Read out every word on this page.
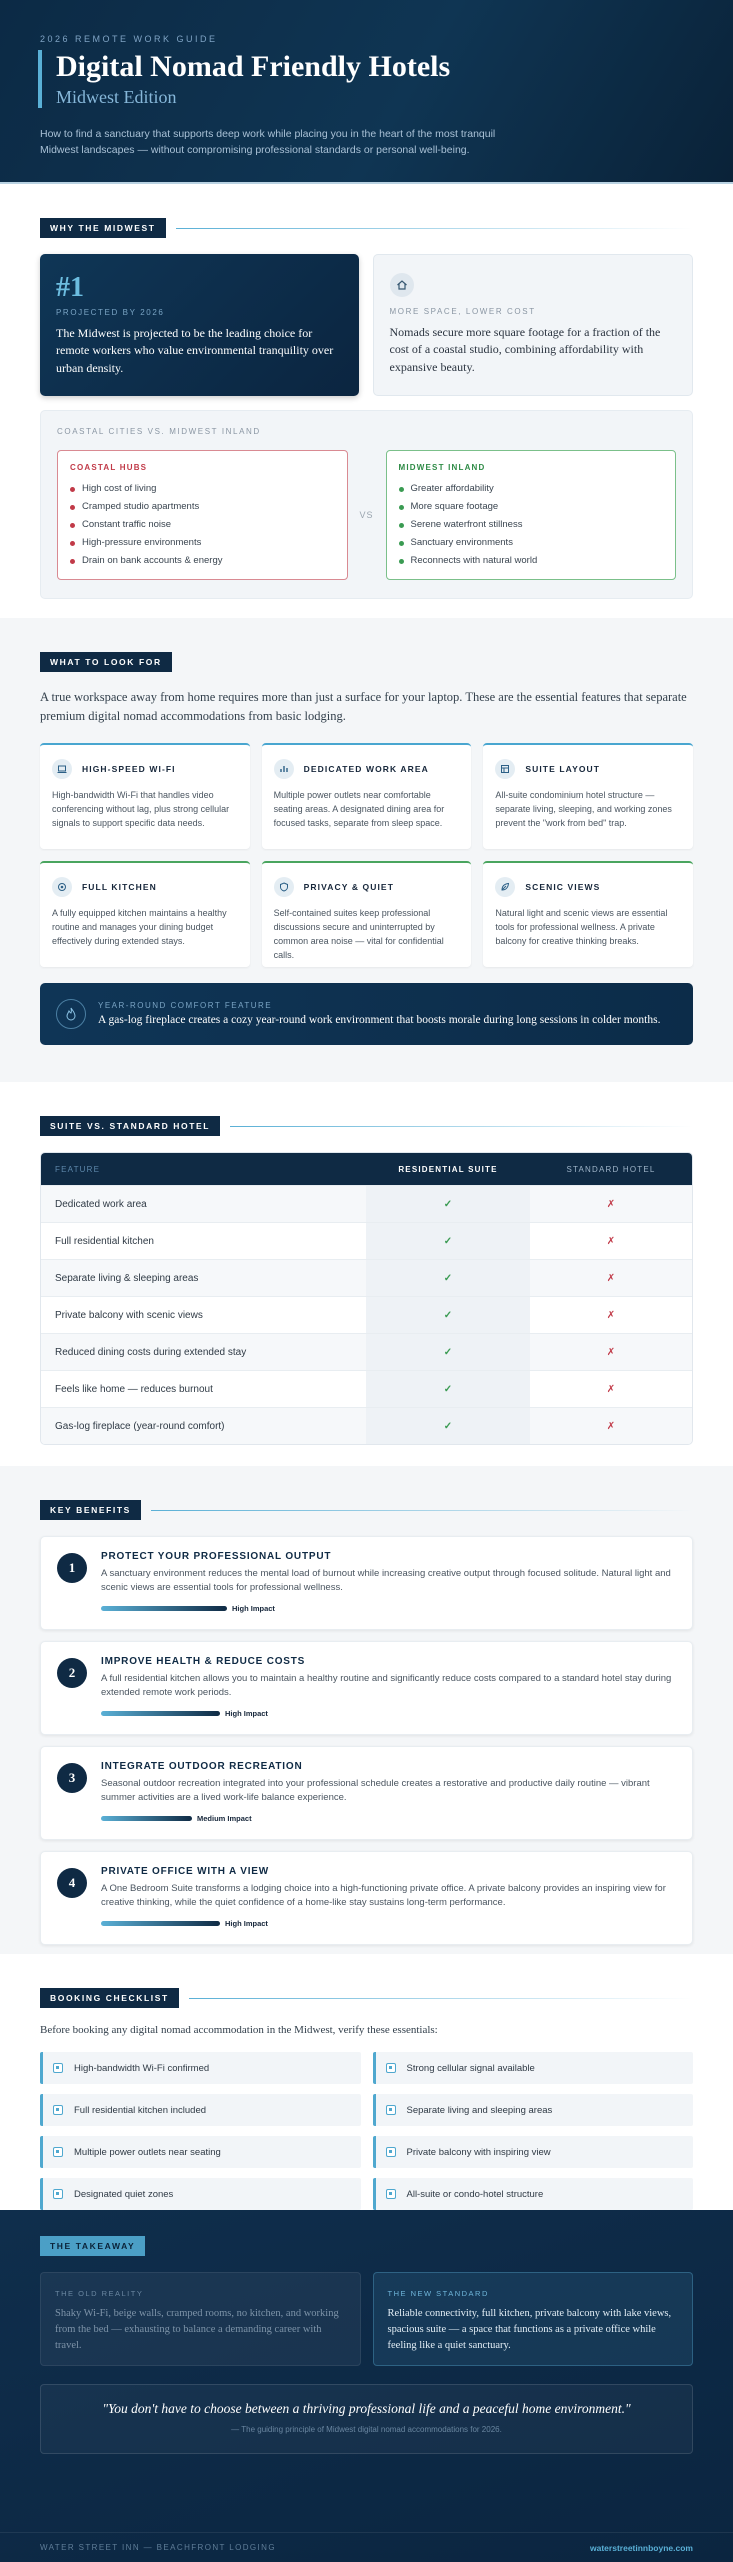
2026 REMOTE WORK GUIDE
Digital Nomad Friendly Hotels
Midwest Edition

How to find a sanctuary that supports deep work while placing you in the heart of the most tranquil Midwest landscapes — without compromising professional standards or personal well-being.

WHY THE MIDWEST
#1
PROJECTED BY 2026
The Midwest is projected to be the leading choice for remote workers who value environmental tranquility over urban density.
MORE SPACE, LOWER COST
Nomads secure more square footage for a fraction of the cost of a coastal studio, combining affordability with expansive beauty.
COASTAL CITIES VS. MIDWEST INLAND
COASTAL HUBS
High cost of living
Cramped studio apartments
Constant traffic noise
High-pressure environments
Drain on bank accounts & energy
VS
MIDWEST INLAND
Greater affordability
More square footage
Serene waterfront stillness
Sanctuary environments
Reconnects with natural world
WHAT TO LOOK FOR

A true workspace away from home requires more than just a surface for your laptop. These are the essential features that separate premium digital nomad accommodations from basic lodging.

HIGH-SPEED WI-FI

High-bandwidth Wi-Fi that handles video conferencing without lag, plus strong cellular signals to support specific data needs.

DEDICATED WORK AREA

Multiple power outlets near comfortable seating areas. A designated dining area for focused tasks, separate from sleep space.

SUITE LAYOUT

All-suite condominium hotel structure — separate living, sleeping, and working zones prevent the "work from bed" trap.

FULL KITCHEN

A fully equipped kitchen maintains a healthy routine and manages your dining budget effectively during extended stays.

PRIVACY & QUIET

Self-contained suites keep professional discussions secure and uninterrupted by common area noise — vital for confidential calls.

SCENIC VIEWS

Natural light and scenic views are essential tools for professional wellness. A private balcony for creative thinking breaks.

YEAR-ROUND COMFORT FEATURE
A gas-log fireplace creates a cozy year-round work environment that boosts morale during long sessions in colder months.
SUITE VS. STANDARD HOTEL
FEATURE	RESIDENTIAL SUITE	STANDARD HOTEL
Dedicated work area	✓	✗
Full residential kitchen	✓	✗
Separate living & sleeping areas	✓	✗
Private balcony with scenic views	✓	✗
Reduced dining costs during extended stay	✓	✗
Feels like home — reduces burnout	✓	✗
Gas-log fireplace (year-round comfort)	✓	✗
KEY BENEFITS
1
PROTECT YOUR PROFESSIONAL OUTPUT
A sanctuary environment reduces the mental load of burnout while increasing creative output through focused solitude. Natural light and scenic views are essential tools for professional wellness.
High Impact
2
IMPROVE HEALTH & REDUCE COSTS
A full residential kitchen allows you to maintain a healthy routine and significantly reduce costs compared to a standard hotel stay during extended remote work periods.
High Impact
3
INTEGRATE OUTDOOR RECREATION
Seasonal outdoor recreation integrated into your professional schedule creates a restorative and productive daily routine — vibrant summer activities are a lived work-life balance experience.
Medium Impact
4
PRIVATE OFFICE WITH A VIEW
A One Bedroom Suite transforms a lodging choice into a high-functioning private office. A private balcony provides an inspiring view for creative thinking, while the quiet confidence of a home-like stay sustains long-term performance.
High Impact
BOOKING CHECKLIST

Before booking any digital nomad accommodation in the Midwest, verify these essentials:

High-bandwidth Wi-Fi confirmed	Strong cellular signal available
Full residential kitchen included	Separate living and sleeping areas
Multiple power outlets near seating	Private balcony with inspiring view
Designated quiet zones	All-suite or condo-hotel structure
THE TAKEAWAY
THE OLD REALITY
Shaky Wi-Fi, beige walls, cramped rooms, no kitchen, and working from the bed — exhausting to balance a demanding career with travel.
THE NEW STANDARD
Reliable connectivity, full kitchen, private balcony with lake views, spacious suite — a space that functions as a private office while feeling like a quiet sanctuary.
"You don't have to choose between a thriving professional life and a peaceful home environment."
— The guiding principle of Midwest digital nomad accommodations for 2026.
WATER STREET INN — BEACHFRONT LODGING	waterstreetinnboyne.com
